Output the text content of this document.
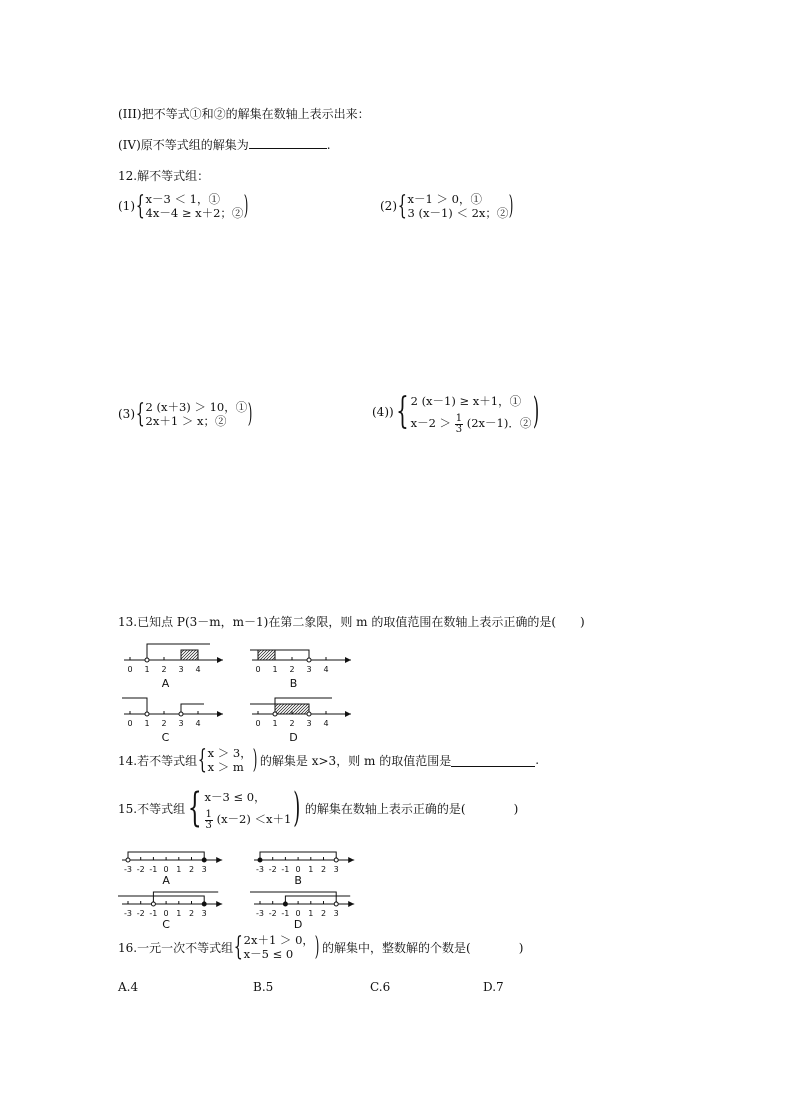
(III)把不等式①和②的解集在数轴上表示出来：
(IV)原不等式组的解集为	.
12.解不等式组：
(1) { x－3 ＜ 1，①
4x－4 ≥ x＋2；② )	(2) { x－1 ＞ 0，①
3 (x－1) ＜ 2x；② )
(3) { 2 (x＋3) ＞ 10，①
2x＋1 ＞ x；② )	(4)) { 2 (x－1) ≥ x＋1，①
$x-2 > \frac{1}{3} (2x-1)$．② )
13.已知点 P(3－m，m－1)在第二象限，则 m 的取值范围在数轴上表示正确的是(　　)
0 1 2 3 4
A
0 1 2 3 4
B
0 1 2 3 4
C
0 1 2 3 4
D
14.若不等式组 { x ＞ 3，
x ＞ m ) 的解集是 x>3，则 m 的取值范围是	.
15.不等式组 { x－3 ≤ 0，
$\frac{1}{3} (x-2) <x+1$ ) 的解集在数轴上表示正确的是(　　　　)
-3 -2 -1 0 1 2 3
A
-3 -2 -1 0 1 2 3
B
-3 -2 -1 0 1 2 3
C
-3 -2 -1 0 1 2 3
D
16.一元一次不等式组 { 2x＋1 ＞ 0，
x－5 ≤ 0 ) 的解集中，整数解的个数是(　　　　)
A.4	B.5	C.6	D.7
